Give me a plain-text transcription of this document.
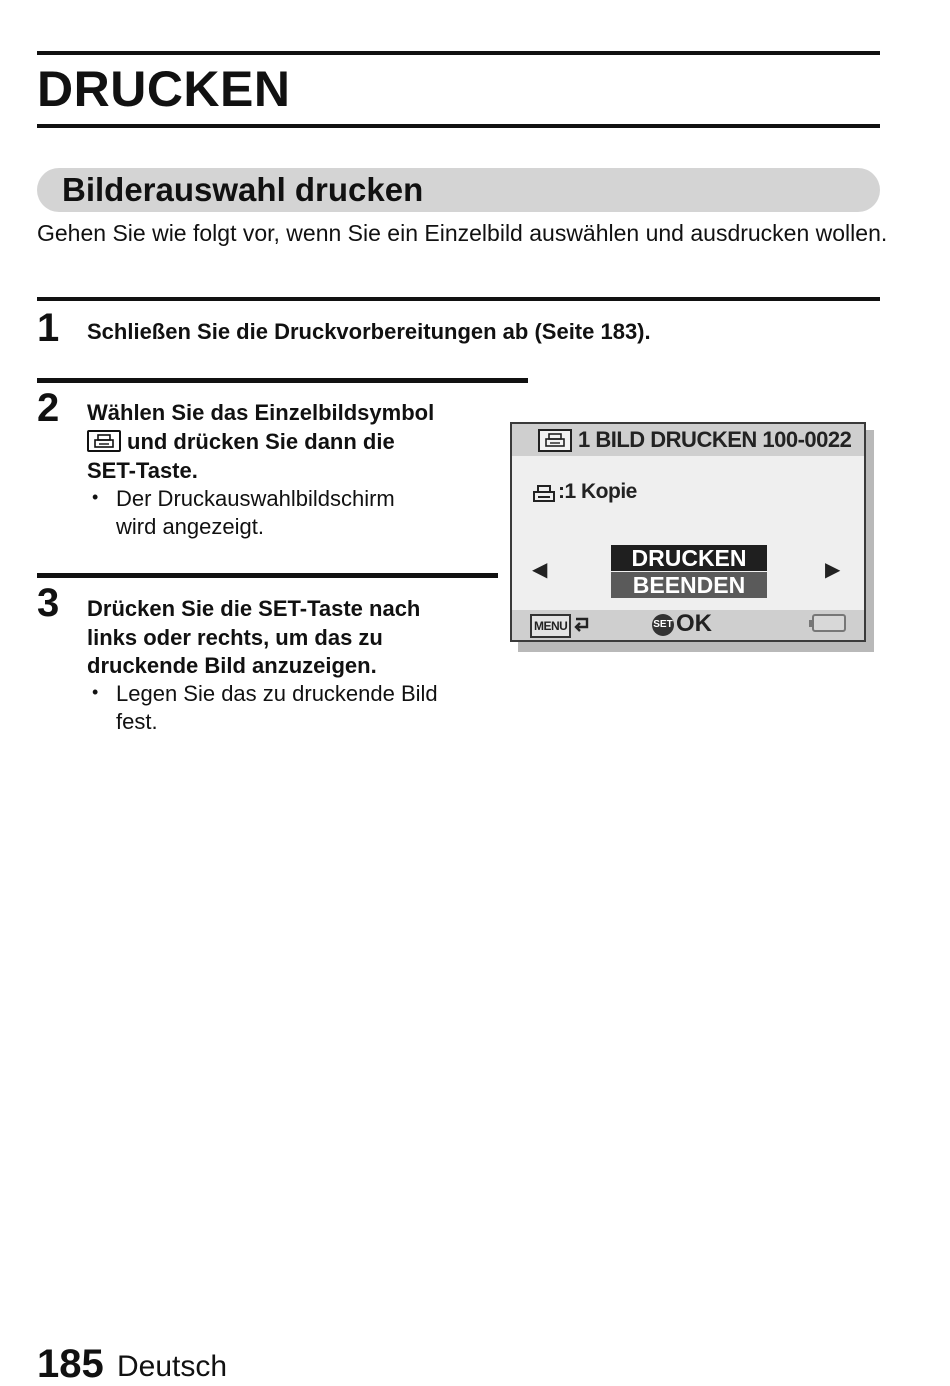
DRUCKEN
Bilderauswahl drucken
Gehen Sie wie folgt vor, wenn Sie ein Einzelbild auswählen und ausdrucken wollen.
1 Schließen Sie die Druckvorbereitungen ab (Seite 183).
2 Wählen Sie das Einzelbildsymbol
und drücken Sie dann die
SET-Taste.
• Der Druckauswahlbildschirm
wird angezeigt.
3 Drücken Sie die SET-Taste nach
links oder rechts, um das zu
druckende Bild anzuzeigen.
• Legen Sie das zu druckende Bild
fest.
1 BILD DRUCKEN 100-0022
:1 Kopie
◀	DRUCKEN
BEENDEN
▶
MENU	SET OK
185 Deutsch
